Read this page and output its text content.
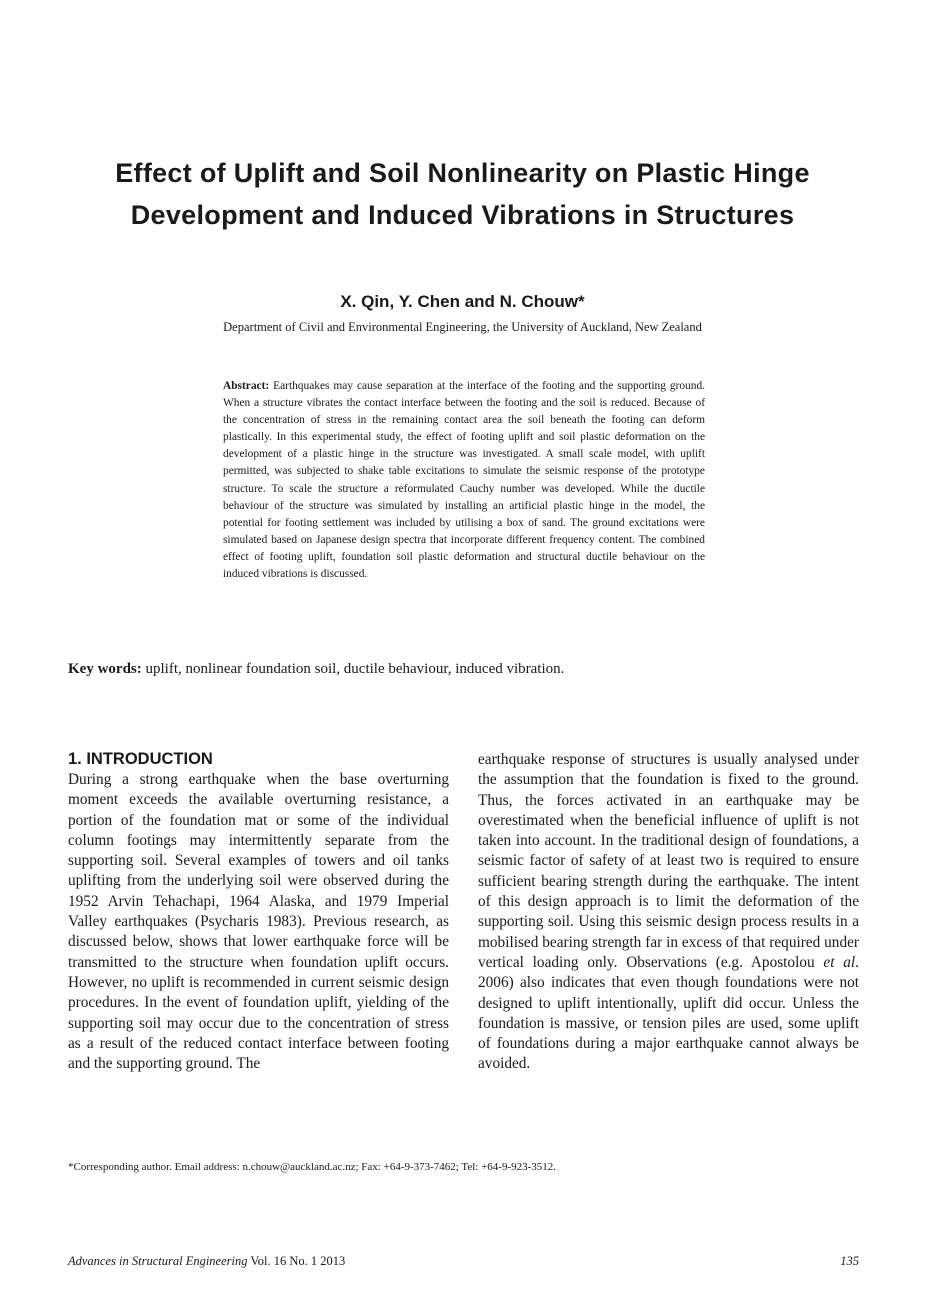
Effect of Uplift and Soil Nonlinearity on Plastic Hinge Development and Induced Vibrations in Structures
X. Qin, Y. Chen and N. Chouw*
Department of Civil and Environmental Engineering, the University of Auckland, New Zealand
Abstract: Earthquakes may cause separation at the interface of the footing and the supporting ground. When a structure vibrates the contact interface between the footing and the soil is reduced. Because of the concentration of stress in the remaining contact area the soil beneath the footing can deform plastically. In this experimental study, the effect of footing uplift and soil plastic deformation on the development of a plastic hinge in the structure was investigated. A small scale model, with uplift permitted, was subjected to shake table excitations to simulate the seismic response of the prototype structure. To scale the structure a reformulated Cauchy number was developed. While the ductile behaviour of the structure was simulated by installing an artificial plastic hinge in the model, the potential for footing settlement was included by utilising a box of sand. The ground excitations were simulated based on Japanese design spectra that incorporate different frequency content. The combined effect of footing uplift, foundation soil plastic deformation and structural ductile behaviour on the induced vibrations is discussed.
Key words: uplift, nonlinear foundation soil, ductile behaviour, induced vibration.
1. INTRODUCTION
During a strong earthquake when the base overturning moment exceeds the available overturning resistance, a portion of the foundation mat or some of the individual column footings may intermittently separate from the supporting soil. Several examples of towers and oil tanks uplifting from the underlying soil were observed during the 1952 Arvin Tehachapi, 1964 Alaska, and 1979 Imperial Valley earthquakes (Psycharis 1983). Previous research, as discussed below, shows that lower earthquake force will be transmitted to the structure when foundation uplift occurs. However, no uplift is recommended in current seismic design procedures. In the event of foundation uplift, yielding of the supporting soil may occur due to the concentration of stress as a result of the reduced contact interface between footing and the supporting ground. The
earthquake response of structures is usually analysed under the assumption that the foundation is fixed to the ground. Thus, the forces activated in an earthquake may be overestimated when the beneficial influence of uplift is not taken into account. In the traditional design of foundations, a seismic factor of safety of at least two is required to ensure sufficient bearing strength during the earthquake. The intent of this design approach is to limit the deformation of the supporting soil. Using this seismic design process results in a mobilised bearing strength far in excess of that required under vertical loading only. Observations (e.g. Apostolou et al. 2006) also indicates that even though foundations were not designed to uplift intentionally, uplift did occur. Unless the foundation is massive, or tension piles are used, some uplift of foundations during a major earthquake cannot always be avoided.
*Corresponding author. Email address: n.chouw@auckland.ac.nz; Fax: +64-9-373-7462; Tel: +64-9-923-3512.
Advances in Structural Engineering Vol. 16 No. 1 2013	135
